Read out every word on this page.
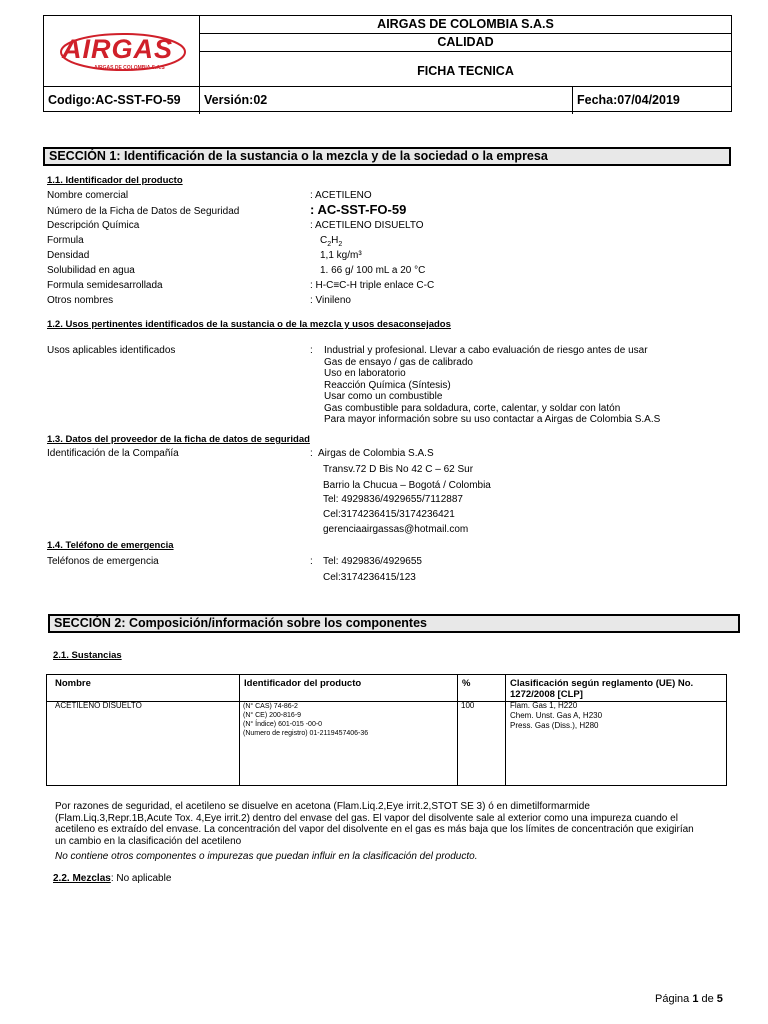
AIRGAS
AIRGAS DE COLOMBIA S.A.S
AIRGAS DE COLOMBIA S.A.S
CALIDAD
FICHA TECNICA
Codigo:AC-SST-FO-59	Versión:02	Fecha:07/04/2019
SECCIÓN 1: Identificación de la sustancia o la mezcla y de la sociedad o la empresa
1.1. Identificador del producto
Nombre comercial	: ACETILENO
Número de la Ficha de Datos de Seguridad	: AC-SST-FO-59
Descripción Química	: ACETILENO DISUELTO
Formula	$C_2H_2$
Densidad	1,1 kg/m³
Solubilidad en agua	1. 66 g/ 100 mL a 20 °C
Formula semidesarrollada	: H-C≡C-H triple enlace C-C
Otros nombres	: Vinileno
1.2. Usos pertinentes identificados de la sustancia o de la mezcla y usos desaconsejados
Usos aplicables identificados	: Industrial y profesional. Llevar a cabo evaluación de riesgo antes de usar
Gas de ensayo / gas de calibrado
Uso en laboratorio
Reacción Química (Síntesis)
Usar como un combustible
Gas combustible para soldadura, corte, calentar, y soldar con latón
Para mayor información sobre su uso contactar a Airgas de Colombia S.A.S
1.3. Datos del proveedor de la ficha de datos de seguridad
Identificación de la Compañía	: Airgas de Colombia S.A.S
Transv.72 D Bis No 42 C – 62 Sur
Barrio la Chucua – Bogotá / Colombia
Tel: 4929836/4929655/7112887
Cel:3174236415/3174236421
gerenciaairgassas@hotmail.com
1.4. Teléfono de emergencia
Teléfonos de emergencia	: Tel: 4929836/4929655
Cel:3174236415/123
SECCIÓN 2: Composición/información sobre los componentes
2.1. Sustancias
Nombre	Identificador del producto	%	Clasificación según reglamento (UE) No. 1272/2008 [CLP]
ACETILENO DISUELTO	(N° CAS) 74-86-2
(N° CE) 200-816-9
(N° Índice) 601-015 -00-0
(Numero de registro) 01-2119457406-36
100	Flam. Gas 1, H220
Chem. Unst. Gas A, H230
Press. Gas (Diss.), H280
Por razones de seguridad, el acetileno se disuelve en acetona (Flam.Liq.2,Eye irrit.2,STOT SE 3) ó en dimetilformarmide
(Flam.Liq.3,Repr.1B,Acute Tox. 4,Eye irrit.2) dentro del envase del gas. El vapor del disolvente sale al exterior como una impureza cuando el
acetileno es extraído del envase. La concentración del vapor del disolvente en el gas es más baja que los límites de concentración que exigirían
un cambio en la clasificación del acetileno
No contiene otros componentes o impurezas que puedan influir en la clasificación del producto.
2.2. Mezclas: No aplicable
Página 1 de 5
